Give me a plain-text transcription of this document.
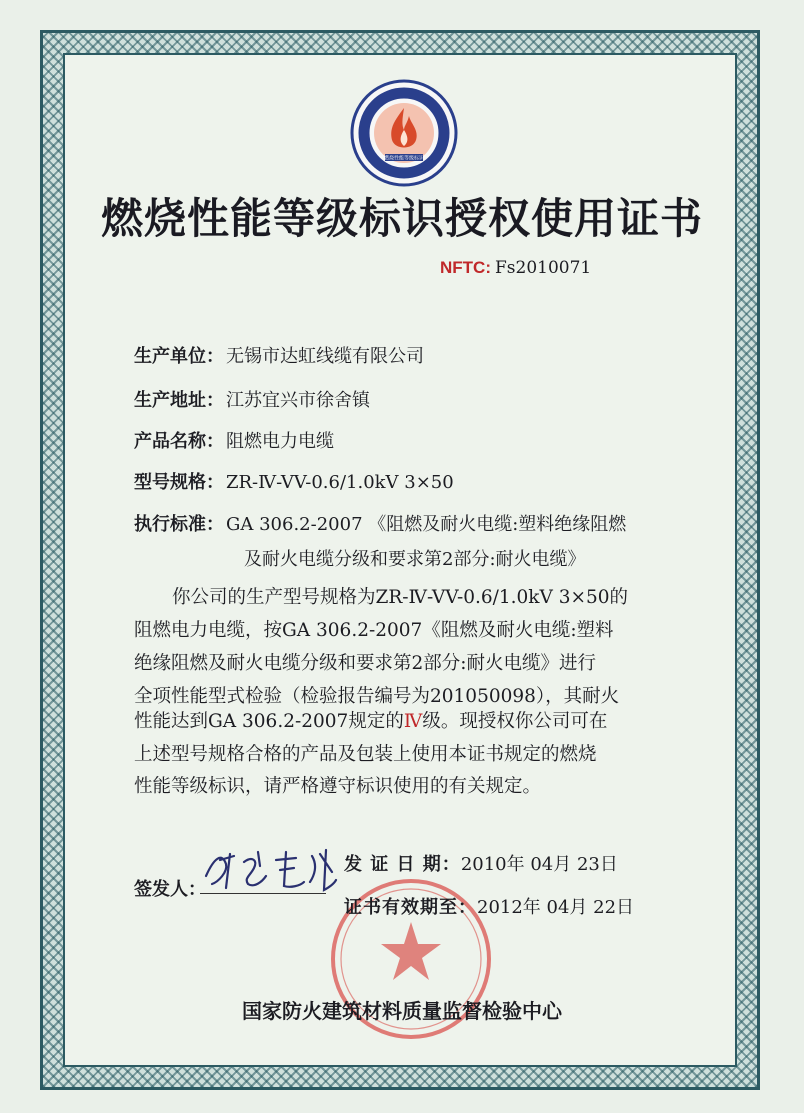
燃烧性能等级标识
燃烧性能等级标识授权使用证书
NFTC: Fs2010071
生产单位： 无锡市达虹线缆有限公司
生产地址： 江苏宜兴市徐舍镇
产品名称： 阻燃电力电缆
型号规格： ZR-Ⅳ-VV-0.6/1.0kV 3×50
执行标准： GA 306.2-2007 《阻燃及耐火电缆:塑料绝缘阻燃
及耐火电缆分级和要求第2部分:耐火电缆》
你公司的生产型号规格为ZR-Ⅳ-VV-0.6/1.0kV 3×50的
阻燃电力电缆，按GA 306.2-2007《阻燃及耐火电缆:塑料
绝缘阻燃及耐火电缆分级和要求第2部分:耐火电缆》进行
全项性能型式检验（检验报告编号为201050098），其耐火
性能达到GA 306.2-2007规定的Ⅳ级。现授权你公司可在
上述型号规格合格的产品及包装上使用本证书规定的燃烧
性能等级标识，请严格遵守标识使用的有关规定。
签发人：
发 证 日 期：2010年 04月 23日
证书有效期至：2012年 04月 22日
国家防火建筑材料质量监督检验中心
